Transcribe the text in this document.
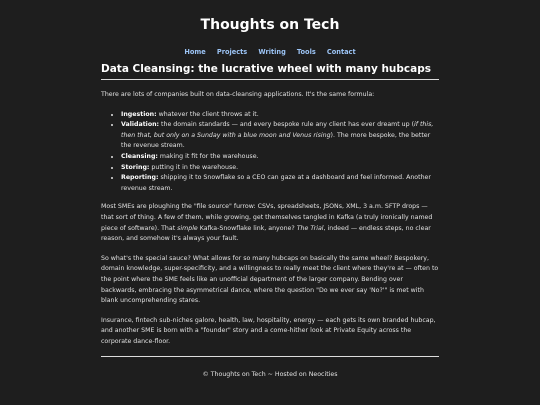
Thoughts on Tech
Home Projects Writing Tools Contact
Data Cleansing: the lucrative wheel with many hubcaps

There are lots of companies built on data-cleansing applications. It's the same formula:

• Ingestion: whatever the client throws at it.
• Validation: the domain standards — and every bespoke rule any client has ever dreamt up (if this, then that, but only on a Sunday with a blue moon and Venus rising). The more bespoke, the better the revenue stream.
• Cleansing: making it fit for the warehouse.
• Storing: putting it in the warehouse.
• Reporting: shipping it to Snowflake so a CEO can gaze at a dashboard and feel informed. Another revenue stream.

Most SMEs are ploughing the "file source" furrow: CSVs, spreadsheets, JSONs, XML, 3 a.m. SFTP drops — that sort of thing. A few of them, while growing, get themselves tangled in Kafka (a truly ironically named piece of software). That simple Kafka-Snowflake link, anyone? The Trial, indeed — endless steps, no clear reason, and somehow it's always your fault.

So what's the special sauce? What allows for so many hubcaps on basically the same wheel? Bespokery, domain knowledge, super-specificity, and a willingness to really meet the client where they're at — often to the point where the SME feels like an unofficial department of the larger company. Bending over backwards, embracing the asymmetrical dance, where the question "Do we ever say 'No?'" is met with blank uncomprehending stares.

Insurance, fintech sub-niches galore, health, law, hospitality, energy — each gets its own branded hubcap, and another SME is born with a "founder" story and a come-hither look at Private Equity across the corporate dance-floor.

© Thoughts on Tech ~ Hosted on Neocities
